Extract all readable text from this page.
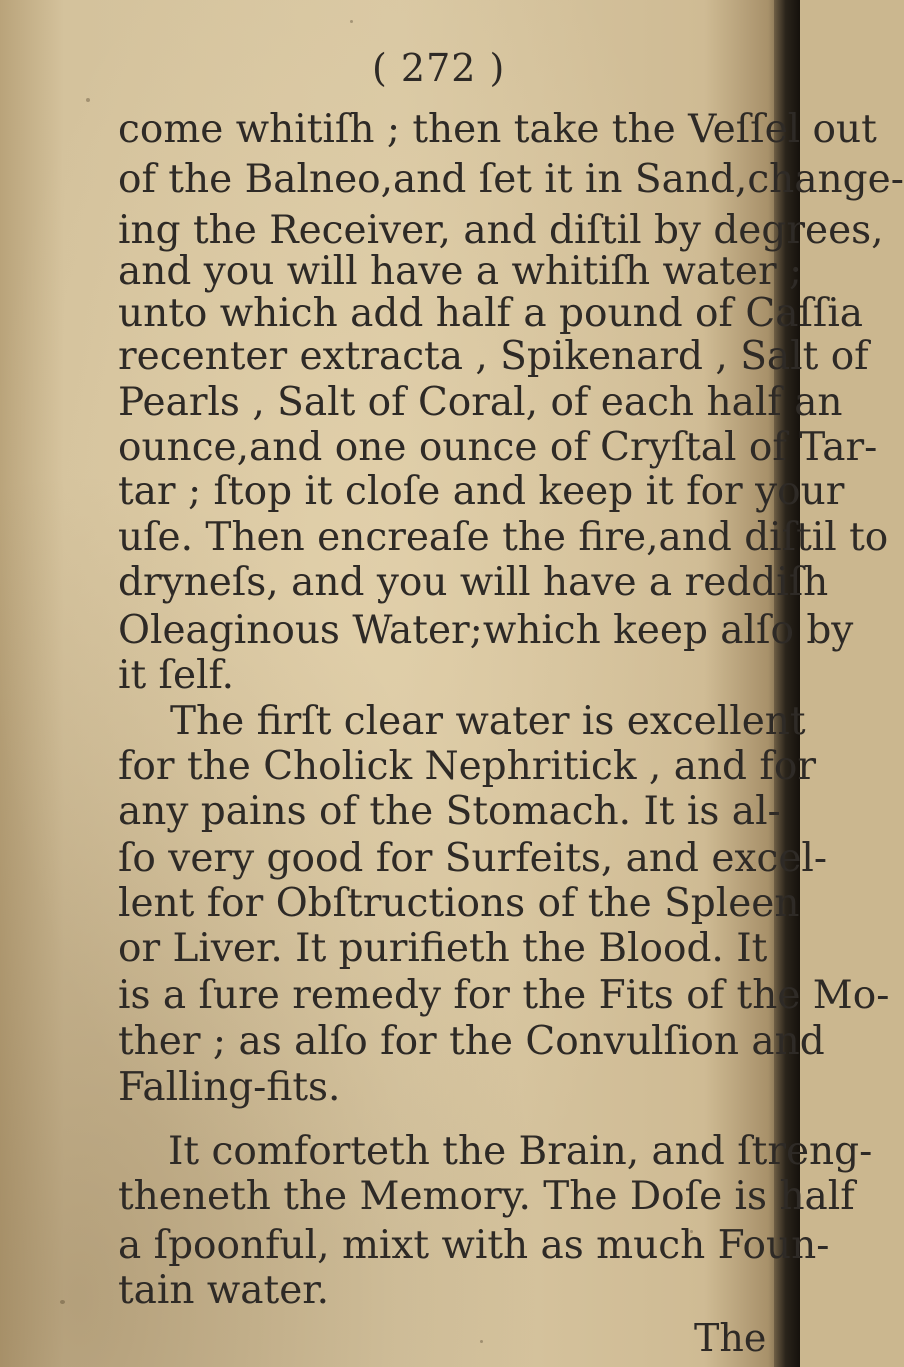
( 272 )
come whitiſh ; then take the Veſſel out
of the Balneo,and ſet it in Sand,change-
ing the Receiver, and diſtil by degrees,
and you will have a whitiſh water ;
unto which add half a pound of Caſſia
recenter extracta , Spikenard , Salt of
Pearls , Salt of Coral, of each half an
ounce,and one ounce of Cryſtal of Tar-
tar ; ſtop it cloſe and keep it for your
uſe. Then encreaſe the fire,and diſtil to
dryneſs, and you will have a reddiſh
Oleaginous Water;which keep alſo by
it ſelf.
The firſt clear water is excellent
for the Cholick Nephritick , and for
any pains of the Stomach. It is al-
ſo very good for Surfeits, and excel-
lent for Obſtructions of the Spleen
or Liver. It purifieth the Blood. It
is a ſure remedy for the Fits of the Mo-
ther ; as alſo for the Convulſion and
Falling-fits.
It comforteth the Brain, and ſtreng-
theneth the Memory. The Doſe is half
a ſpoonful, mixt with as much Foun-
tain water.
The
